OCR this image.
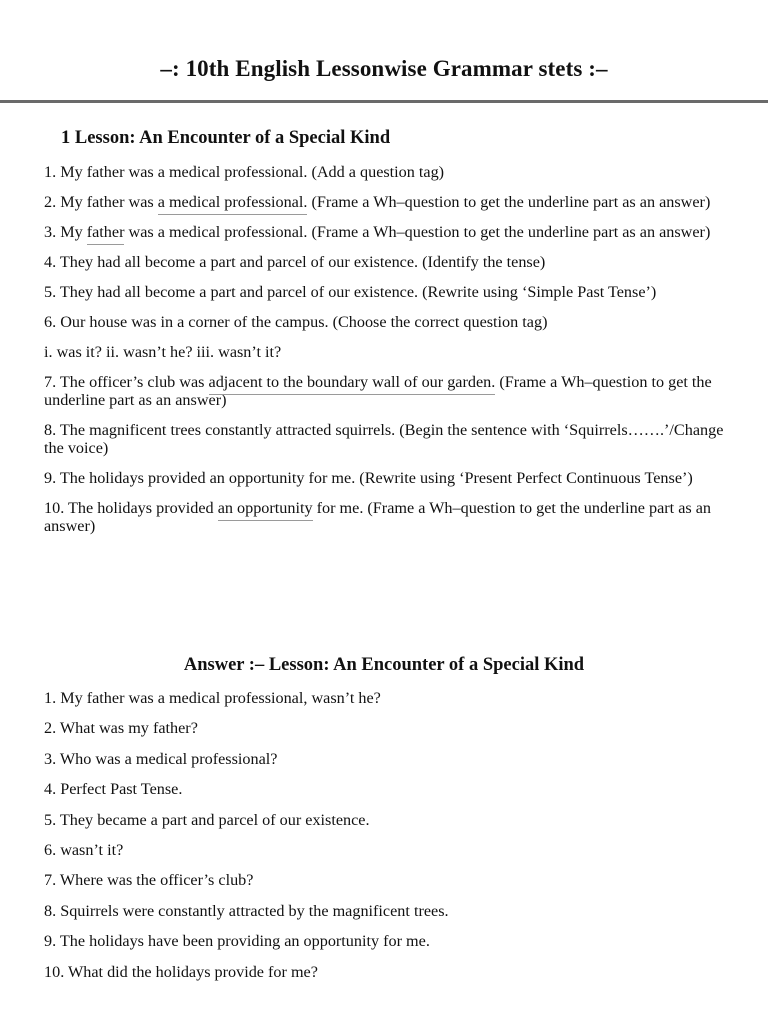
–: 10th English Lessonwise Grammar stets :–
1 Lesson: An Encounter of a Special Kind
1. My father was a medical professional. (Add a question tag)
2. My father was a medical professional. (Frame a Wh–question to get the underline part as an answer)
3. My father was a medical professional. (Frame a Wh–question to get the underline part as an answer)
4. They had all become a part and parcel of our existence. (Identify the tense)
5. They had all become a part and parcel of our existence. (Rewrite using ‘Simple Past Tense’)
6. Our house was in a corner of the campus. (Choose the correct question tag)
i. was it? ii. wasn’t he? iii. wasn’t it?
7. The officer’s club was adjacent to the boundary wall of our garden. (Frame a Wh–question to get the underline part as an answer)
8. The magnificent trees constantly attracted squirrels. (Begin the sentence with ‘Squirrels…….’/Change the voice)
9. The holidays provided an opportunity for me. (Rewrite using ‘Present Perfect Continuous Tense’)
10. The holidays provided an opportunity for me. (Frame a Wh–question to get the underline part as an answer)
Answer :– Lesson: An Encounter of a Special Kind
1. My father was a medical professional, wasn’t he?
2. What was my father?
3. Who was a medical professional?
4. Perfect Past Tense.
5. They became a part and parcel of our existence.
6. wasn’t it?
7. Where was the officer’s club?
8. Squirrels were constantly attracted by the magnificent trees.
9. The holidays have been providing an opportunity for me.
10. What did the holidays provide for me?
